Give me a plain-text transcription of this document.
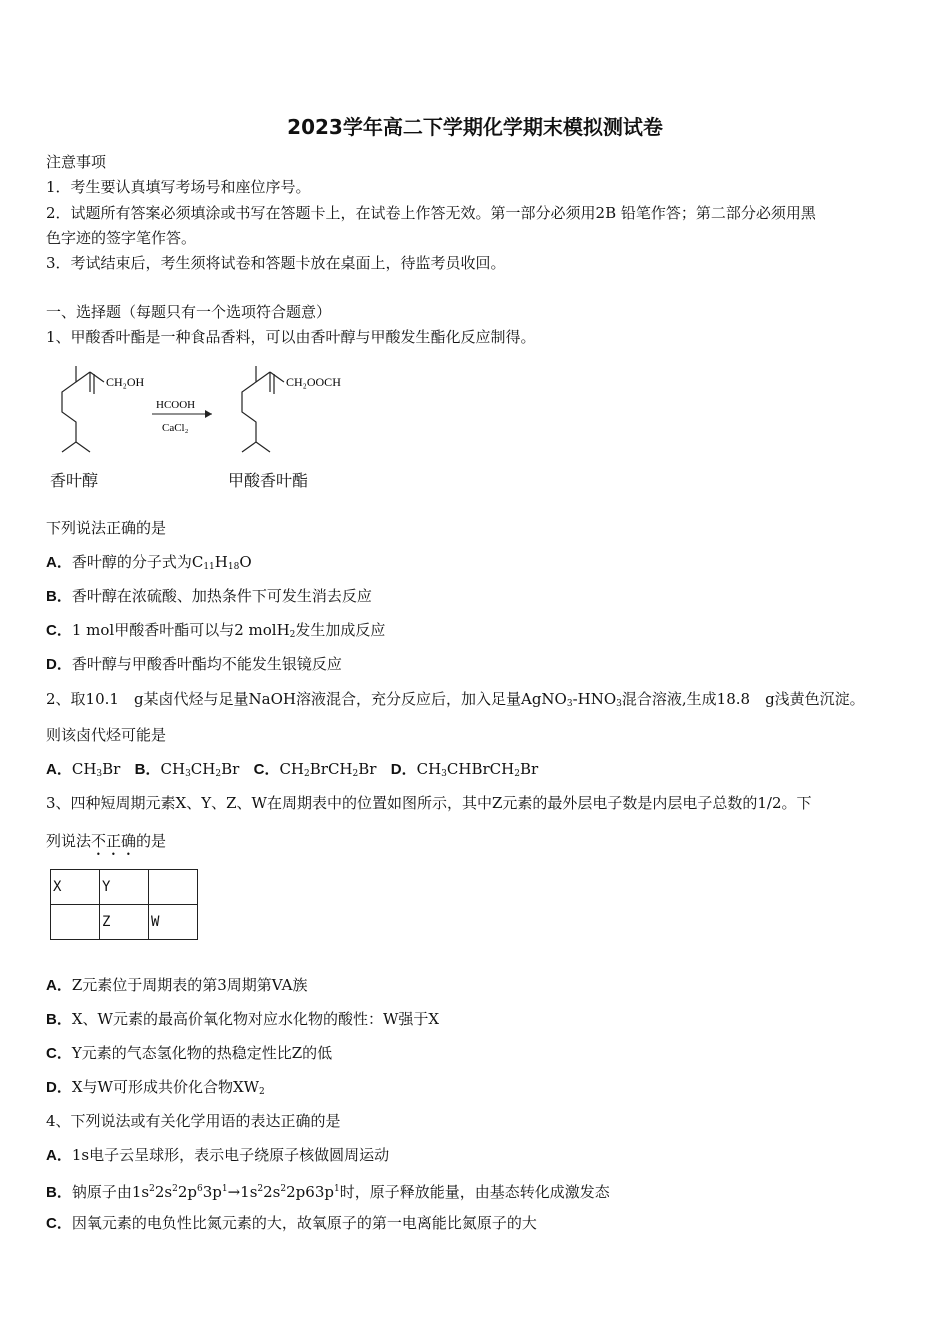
2023学年高二下学期化学期末模拟测试卷
注意事项
1．考生要认真填写考场号和座位序号。
2．试题所有答案必须填涂或书写在答题卡上，在试卷上作答无效。第一部分必须用2B 铅笔作答；第二部分必须用黑
色字迹的签字笔作答。
3．考试结束后，考生须将试卷和答题卡放在桌面上，待监考员收回。
一、选择题（每题只有一个选项符合题意）
1、甲酸香叶酯是一种食品香料，可以由香叶醇与甲酸发生酯化反应制得。
CH₂OH
HCOOH
CaCl₂
CH₂OOCH
香叶醇	甲酸香叶酯
下列说法正确的是
A．香叶醇的分子式为$C_{11}H_{18}O$
B．香叶醇在浓硫酸、加热条件下可发生消去反应
C．1 mol甲酸香叶酯可以与2 molH$_2$发生加成反应
D．香叶醇与甲酸香叶酯均不能发生银镜反应
2、取10.1　g某卤代烃与足量NaOH溶液混合，充分反应后，加入足量$AgNO_3-HNO_3$混合溶液,生成18.8　g浅黄色沉淀。
则该卤代烃可能是
A．$CH_3Br$ B．$CH_3CH_2Br$ C．$CH_2BrCH_2Br$ D．$CH_3CHBrCH_2Br$
3、四种短周期元素X、Y、Z、W在周期表中的位置如图所示，其中Z元素的最外层电子数是内层电子总数的1/2。下
列说法不正确的是
X	Y	
	Z	W
A．Z元素位于周期表的第3周期第VA族
B．X、W元素的最高价氧化物对应水化物的酸性：W强于X
C．Y元素的气态氢化物的热稳定性比Z的低
D．X与W可形成共价化合物$XW_2$
4、下列说法或有关化学用语的表达正确的是
A．1s电子云呈球形，表示电子绕原子核做圆周运动
B．钠原子由$1s^22s^22p^63p^1\to 1s^22s^22p63p^1$时，原子释放能量，由基态转化成激发态
C．因氧元素的电负性比氮元素的大，故氧原子的第一电离能比氮原子的大
